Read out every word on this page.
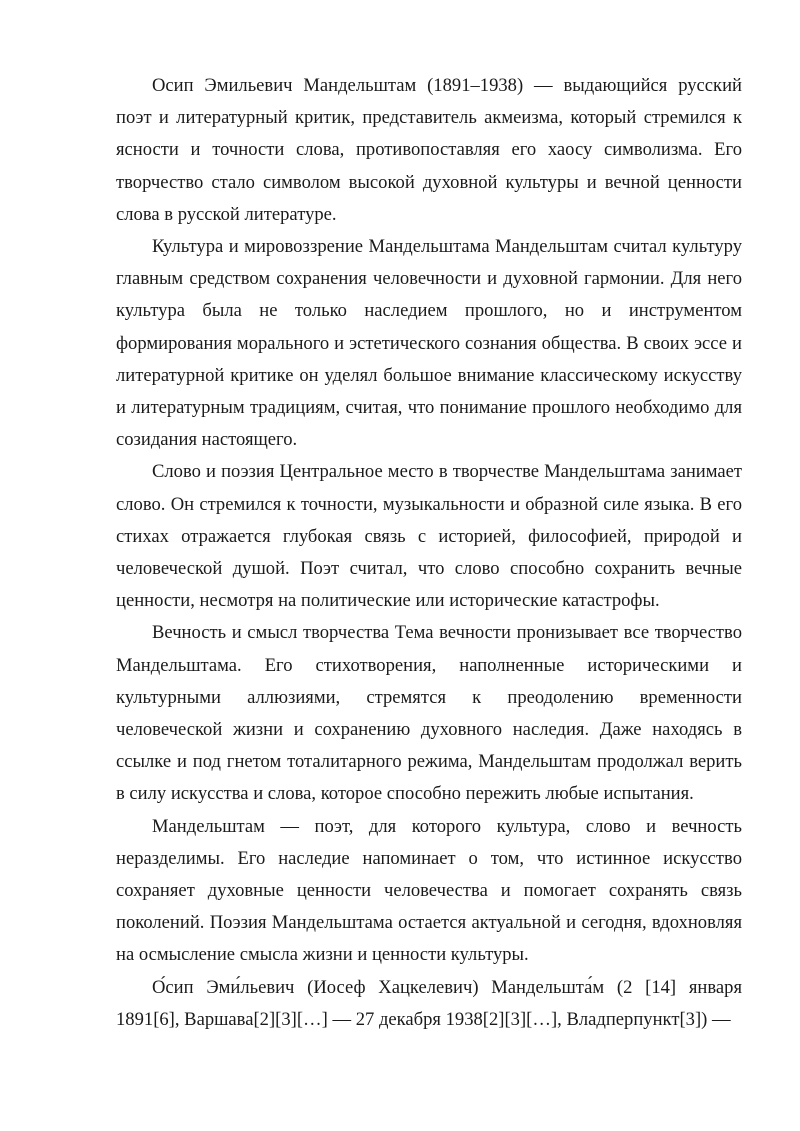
Осип Эмильевич Мандельштам (1891–1938) — выдающийся русский поэт и литературный критик, представитель акмеизма, который стремился к ясности и точности слова, противопоставляя его хаосу символизма. Его творчество стало символом высокой духовной культуры и вечной ценности слова в русской литературе.

Культура и мировоззрение Мандельштама Мандельштам считал культуру главным средством сохранения человечности и духовной гармонии. Для него культура была не только наследием прошлого, но и инструментом формирования морального и эстетического сознания общества. В своих эссе и литературной критике он уделял большое внимание классическому искусству и литературным традициям, считая, что понимание прошлого необходимо для созидания настоящего.

Слово и поэзия Центральное место в творчестве Мандельштама занимает слово. Он стремился к точности, музыкальности и образной силе языка. В его стихах отражается глубокая связь с историей, философией, природой и человеческой душой. Поэт считал, что слово способно сохранить вечные ценности, несмотря на политические или исторические катастрофы.

Вечность и смысл творчества Тема вечности пронизывает все творчество Мандельштама. Его стихотворения, наполненные историческими и культурными аллюзиями, стремятся к преодолению временности человеческой жизни и сохранению духовного наследия. Даже находясь в ссылке и под гнетом тоталитарного режима, Мандельштам продолжал верить в силу искусства и слова, которое способно пережить любые испытания.

Мандельштам — поэт, для которого культура, слово и вечность неразделимы. Его наследие напоминает о том, что истинное искусство сохраняет духовные ценности человечества и помогает сохранять связь поколений. Поэзия Мандельштама остается актуальной и сегодня, вдохновляя на осмысление смысла жизни и ценности культуры.

О́сип Эми́льевич (Иосеф Хацкелевич) Мандельшта́м (2 [14] января 1891[6], Варшава[2][3][…] — 27 декабря 1938[2][3][…], Владперпункт[3]) —
